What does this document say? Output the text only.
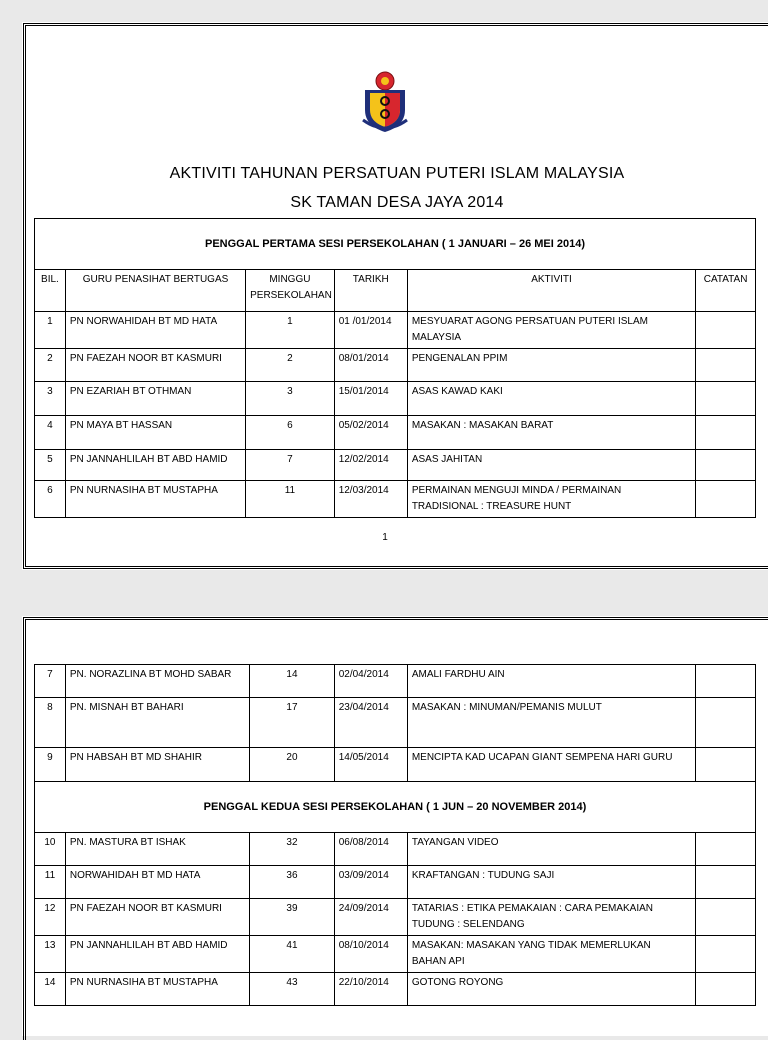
AKTIVITI TAHUNAN PERSATUAN PUTERI ISLAM MALAYSIA
SK TAMAN DESA JAYA 2014
PENGGAL PERTAMA SESI PERSEKOLAHAN ( 1 JANUARI – 26 MEI 2014)					
BIL.	GURU PENASIHAT BERTUGAS	MINGGU
PERSEKOLAHAN	TARIKH	AKTIVITI	CATATAN
1	PN NORWAHIDAH BT MD HATA	1	01 /01/2014	MESYUARAT AGONG PERSATUAN PUTERI ISLAM
MALAYSIA	

2	PN FAEZAH NOOR BT KASMURI	2	08/01/2014	PENGENALAN PPIM	
3	PN EZARIAH BT OTHMAN	3	15/01/2014	ASAS KAWAD KAKI	
4	PN MAYA BT HASSAN	6	05/02/2014	MASAKAN : MASAKAN BARAT	
5	PN JANNAHLILAH BT ABD HAMID	7	12/02/2014	ASAS JAHITAN	
6	PN NURNASIHA BT MUSTAPHA	11	12/03/2014	PERMAINAN MENGUJI MINDA / PERMAINAN
TRADISIONAL : TREASURE HUNT	

1
7	PN. NORAZLINA BT MOHD SABAR	14	02/04/2014	AMALI FARDHU AIN	
8	PN. MISNAH BT BAHARI	17	23/04/2014	MASAKAN : MINUMAN/PEMANIS MULUT	
9	PN HABSAH BT MD SHAHIR	20	14/05/2014	MENCIPTA KAD UCAPAN GIANT SEMPENA HARI GURU	
PENGGAL KEDUA SESI PERSEKOLAHAN ( 1 JUN – 20 NOVEMBER 2014)					
10	PN. MASTURA BT ISHAK	32	06/08/2014	TAYANGAN VIDEO	
11	NORWAHIDAH BT MD HATA	36	03/09/2014	KRAFTANGAN : TUDUNG SAJI	
12	PN FAEZAH NOOR BT KASMURI	39	24/09/2014	TATARIAS : ETIKA PEMAKAIAN : CARA PEMAKAIAN
TUDUNG : SELENDANG	

13	PN JANNAHLILAH BT ABD HAMID	41	08/10/2014	MASAKAN: MASAKAN YANG TIDAK MEMERLUKAN
BAHAN API	

14	PN NURNASIHA BT MUSTAPHA	43	22/10/2014	GOTONG ROYONG	
